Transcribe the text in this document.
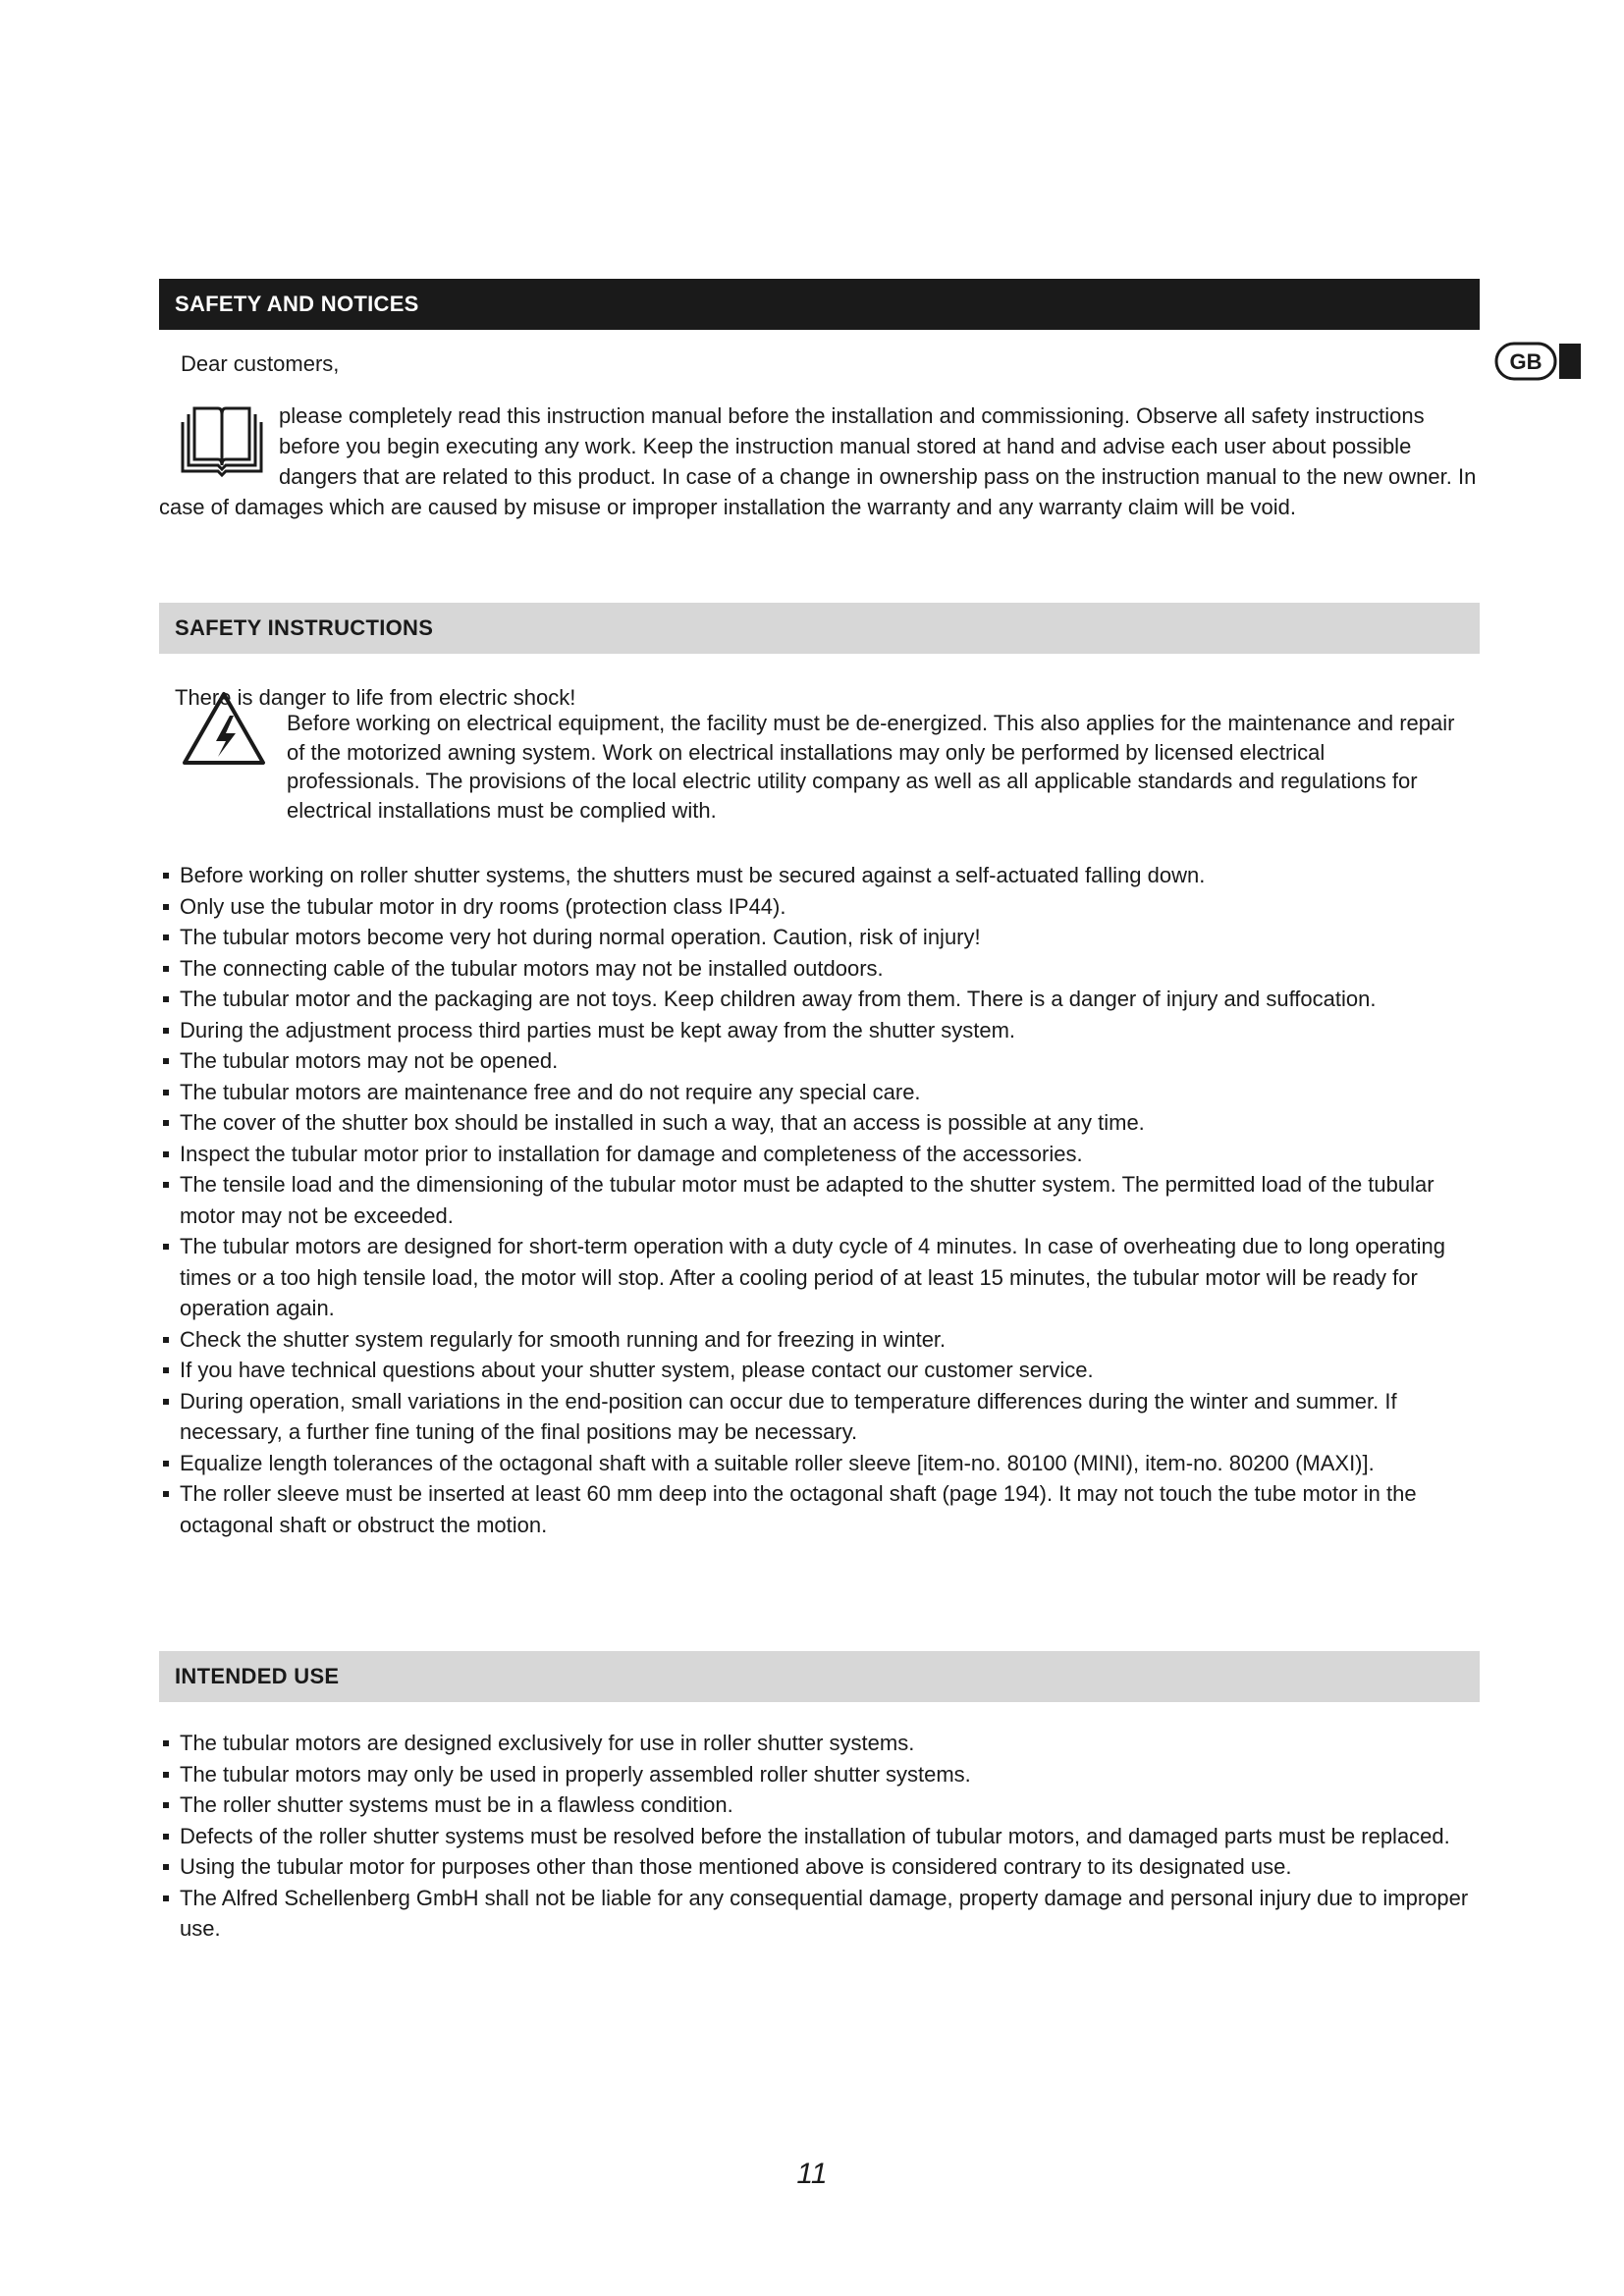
SAFETY AND NOTICES
GB

Dear customers,

please completely read this instruction manual before the installation and commissioning. Observe all safety instructions before you begin executing any work. Keep the instruction manual stored at hand and advise each user about possible dangers that are related to this product. In case of a change in ownership pass on the instruction manual to the new owner. In case of damages which are caused by misuse or improper installation the warranty and any warranty claim will be void.
SAFETY INSTRUCTIONS

There is danger to life from electric shock!

Before working on electrical equipment, the facility must be de-energized. This also applies for the maintenance and repair of the motorized awning system. Work on electrical installations may only be performed by licensed electrical professionals. The provisions of the local electric utility company as well as all applicable standards and regulations for electrical installations must be complied with.

Before working on roller shutter systems, the shutters must be secured against a self-actuated falling down.
Only use the tubular motor in dry rooms (protection class IP44).
The tubular motors become very hot during normal operation. Caution, risk of injury!
The connecting cable of the tubular motors may not be installed outdoors.
The tubular motor and the packaging are not toys. Keep children away from them. There is a danger of injury and suffocation.
During the adjustment process third parties must be kept away from the shutter system.
The tubular motors may not be opened.
The tubular motors are maintenance free and do not require any special care.
The cover of the shutter box should be installed in such a way, that an access is possible at any time.
Inspect the tubular motor prior to installation for damage and completeness of the accessories.
The tensile load and the dimensioning of the tubular motor must be adapted to the shutter system. The permitted load of the tubular motor may not be exceeded.
The tubular motors are designed for short-term operation with a duty cycle of 4 minutes. In case of overheating due to long operating times or a too high tensile load, the motor will stop. After a cooling period of at least 15 minutes, the tubular motor will be ready for operation again.
Check the shutter system regularly for smooth running and for freezing in winter.
If you have technical questions about your shutter system, please contact our customer service.
During operation, small variations in the end-position can occur due to temperature differences during the winter and summer. If necessary, a further fine tuning of the final positions may be necessary.
Equalize length tolerances of the octagonal shaft with a suitable roller sleeve [item-no. 80100 (MINI), item-no. 80200 (MAXI)].
The roller sleeve must be inserted at least 60 mm deep into the octagonal shaft (page 194). It may not touch the tube motor in the octagonal shaft or obstruct the motion.
INTENDED USE
The tubular motors are designed exclusively for use in roller shutter systems.
The tubular motors may only be used in properly assembled roller shutter systems.
The roller shutter systems must be in a flawless condition.
Defects of the roller shutter systems must be resolved before the installation of tubular motors, and damaged parts must be replaced.
Using the tubular motor for purposes other than those mentioned above is considered contrary to its designated use.
The Alfred Schellenberg GmbH shall not be liable for any consequential damage, property damage and personal injury due to improper use.
11
